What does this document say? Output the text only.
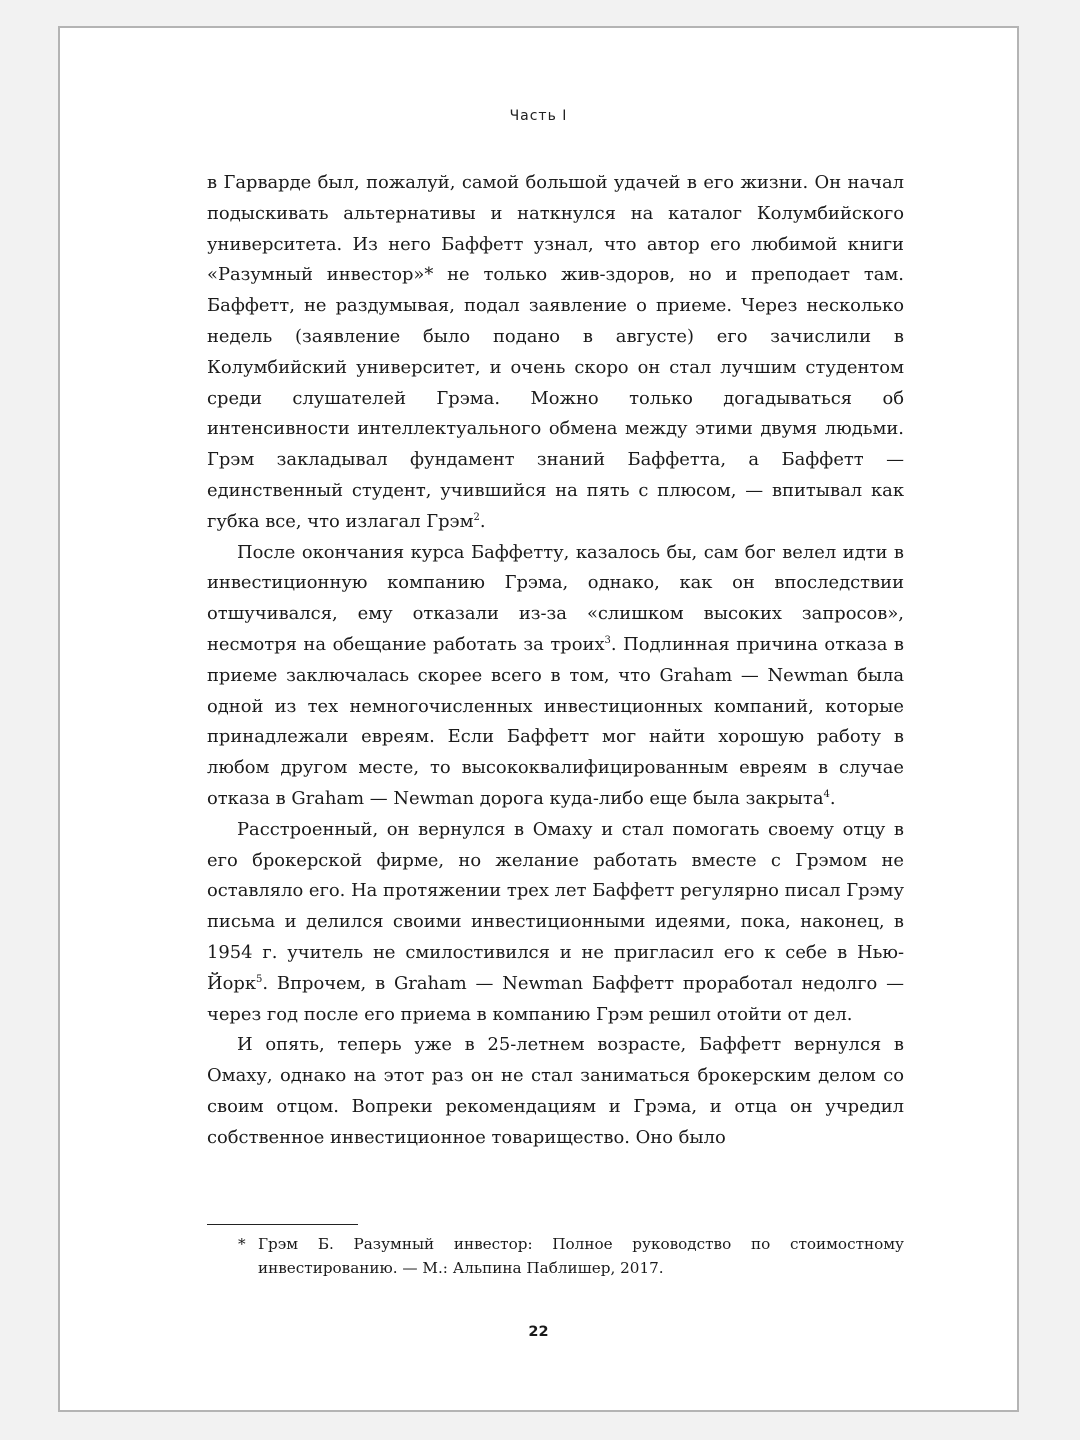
Часть I

в Гарварде был, пожалуй, самой большой удачей в его жизни. Он начал подыскивать альтернативы и наткнулся на каталог Колумбийского университета. Из него Баффетт узнал, что автор его любимой книги «Разумный инвестор»* не только жив-здоров, но и преподает там. Баффетт, не раздумывая, подал заявление о приеме. Через несколько недель (заявление было подано в августе) его зачислили в Колумбийский университет, и очень скоро он стал лучшим студентом среди слушателей Грэма. Можно только догадываться об интенсивности интеллектуального обмена между этими двумя людьми. Грэм закладывал фундамент знаний Баффетта, а Баффетт — единственный студент, учившийся на пять с плюсом, — впитывал как губка все, что излагал Грэм$^2$.

После окончания курса Баффетту, казалось бы, сам бог велел идти в инвестиционную компанию Грэма, однако, как он впоследствии отшучивался, ему отказали из-за «слишком высоких запросов», несмотря на обещание работать за троих$^3$. Подлинная причина отказа в приеме заключалась скорее всего в том, что Graham — Newman была одной из тех немногочисленных инвестиционных компаний, которые принадлежали евреям. Если Баффетт мог найти хорошую работу в любом другом месте, то высококвалифицированным евреям в случае отказа в Graham — Newman дорога куда-либо еще была закрыта$^4$.

Расстроенный, он вернулся в Омаху и стал помогать своему отцу в его брокерской фирме, но желание работать вместе с Грэмом не оставляло его. На протяжении трех лет Баффетт регулярно писал Грэму письма и делился своими инвестиционными идеями, пока, наконец, в 1954 г. учитель не смилостивился и не пригласил его к себе в Нью-Йорк$^5$. Впрочем, в Graham — Newman Баффетт проработал недолго — через год после его приема в компанию Грэм решил отойти от дел.

И опять, теперь уже в 25-летнем возрасте, Баффетт вернулся в Омаху, однако на этот раз он не стал заниматься брокерским делом со своим отцом. Вопреки рекомендациям и Грэма, и отца он учредил собственное инвестиционное товарищество. Оно было

* Грэм Б. Разумный инвестор: Полное руководство по стоимостному инвестированию. — М.: Альпина Паблишер, 2017.
22
